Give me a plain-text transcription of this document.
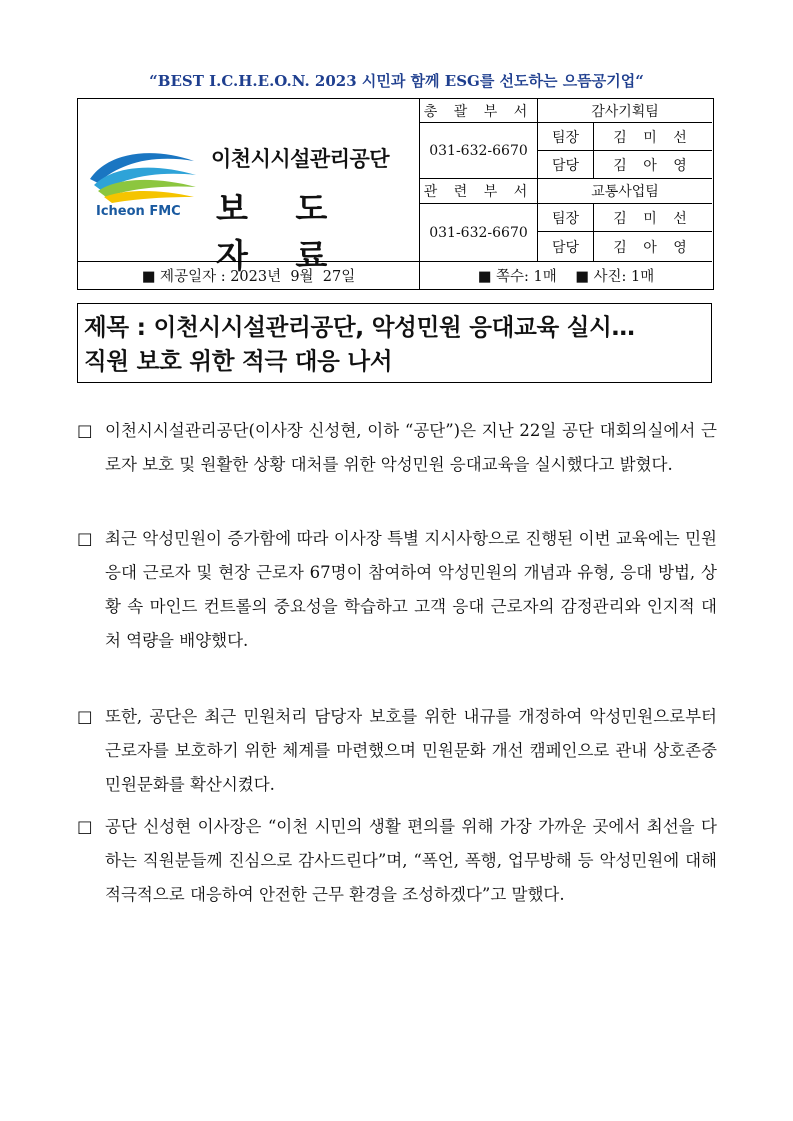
“BEST I.C.H.E.O.N. 2023 시민과 함께 ESG를 선도하는 으뜸공기업“
Icheon FMC
이천시시설관리공단
보 도 자 료
총 괄 부 서	감사기획팀
031-632-6670
팀장	김 미 선
담당	김 아 영
관 련 부 서	교통사업팀
031-632-6670
팀장	김 미 선
담당	김 아 영
■ 제공일자 : 2023년  9월  27일	■ 쪽수: 1매    ■ 사진: 1매
제목 : 이천시시설관리공단, 악성민원 응대교육 실시…
직원 보호 위한 적극 대응 나서
□ 이천시시설관리공단(이사장 신성현, 이하 “공단”)은 지난 22일 공단 대회의실에서 근로자 보호 및 원활한 상황 대처를 위한 악성민원 응대교육을 실시했다고 밝혔다.
□ 최근 악성민원이 증가함에 따라 이사장 특별 지시사항으로 진행된 이번 교육에는 민원 응대 근로자 및 현장 근로자 67명이 참여하여 악성민원의 개념과 유형, 응대 방법, 상황 속 마인드 컨트롤의 중요성을 학습하고 고객 응대 근로자의 감정관리와 인지적 대처 역량을 배양했다.
□ 또한, 공단은 최근 민원처리 담당자 보호를 위한 내규를 개정하여 악성민원으로부터 근로자를 보호하기 위한 체계를 마련했으며 민원문화 개선 캠페인으로 관내 상호존중 민원문화를 확산시켰다.
□ 공단 신성현 이사장은 “이천 시민의 생활 편의를 위해 가장 가까운 곳에서 최선을 다하는 직원분들께 진심으로 감사드린다”며, “폭언, 폭행, 업무방해 등 악성민원에 대해 적극적으로 대응하여 안전한 근무 환경을 조성하겠다”고 말했다.
